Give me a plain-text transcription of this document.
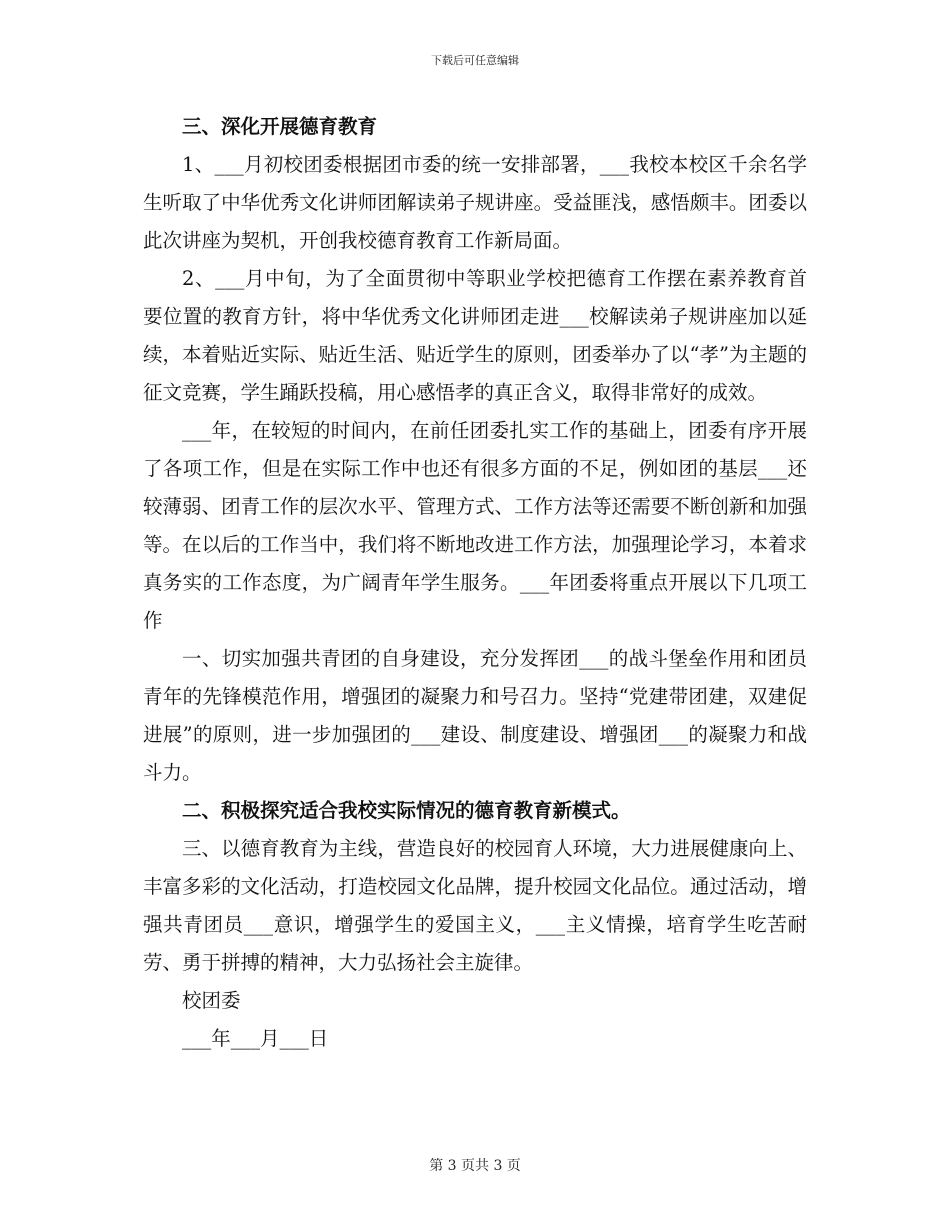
下载后可任意编辑

三、深化开展德育教育

1、___月初校团委根据团市委的统一安排部署，___我校本校区千余名学生听取了中华优秀文化讲师团解读弟子规讲座。受益匪浅，感悟颇丰。团委以此次讲座为契机，开创我校德育教育工作新局面。

2、___月中旬，为了全面贯彻中等职业学校把德育工作摆在素养教育首要位置的教育方针，将中华优秀文化讲师团走进___校解读弟子规讲座加以延续，本着贴近实际、贴近生活、贴近学生的原则，团委举办了以“孝”为主题的征文竞赛，学生踊跃投稿，用心感悟孝的真正含义，取得非常好的成效。

___年，在较短的时间内，在前任团委扎实工作的基础上，团委有序开展了各项工作，但是在实际工作中也还有很多方面的不足，例如团的基层___还较薄弱、团青工作的层次水平、管理方式、工作方法等还需要不断创新和加强等。在以后的工作当中，我们将不断地改进工作方法，加强理论学习，本着求真务实的工作态度，为广阔青年学生服务。___年团委将重点开展以下几项工作

一、切实加强共青团的自身建设，充分发挥团___的战斗堡垒作用和团员青年的先锋模范作用，增强团的凝聚力和号召力。坚持“党建带团建，双建促进展”的原则，进一步加强团的___建设、制度建设、增强团___的凝聚力和战斗力。

二、积极探究适合我校实际情况的德育教育新模式。

三、以德育教育为主线，营造良好的校园育人环境，大力进展健康向上、丰富多彩的文化活动，打造校园文化品牌，提升校园文化品位。通过活动，增强共青团员___意识，增强学生的爱国主义，___主义情操，培育学生吃苦耐劳、勇于拼搏的精神，大力弘扬社会主旋律。

校团委

___年___月___日

第 3 页共 3 页
